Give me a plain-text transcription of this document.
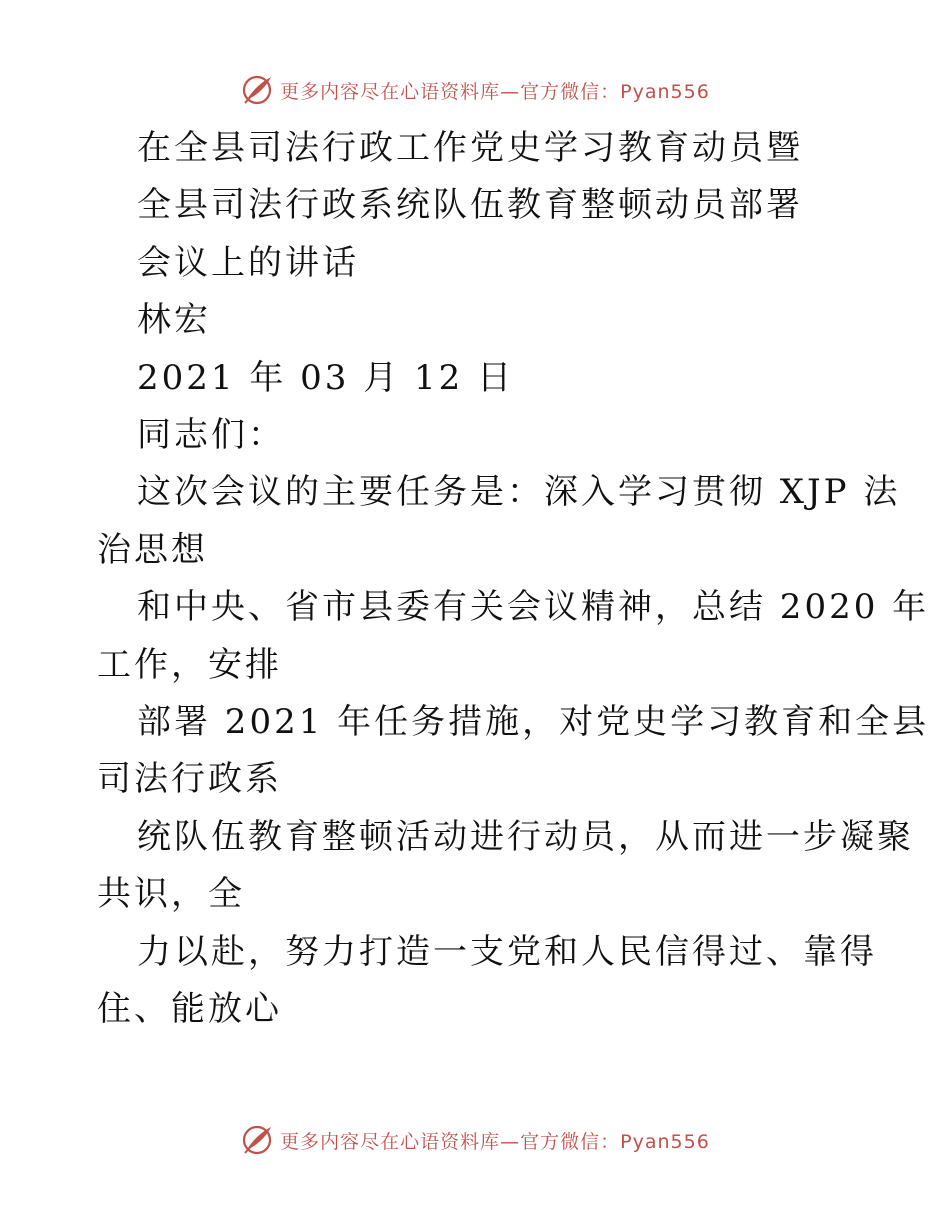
更多内容尽在心语资料库—官方微信：Pyan556
在全县司法行政工作党史学习教育动员暨
全县司法行政系统队伍教育整顿动员部署
会议上的讲话
林宏
2021 年 03 月 12 日
同志们：
这次会议的主要任务是：深入学习贯彻 XJP 法
治思想
和中央、省市县委有关会议精神，总结 2020 年
工作，安排
部署 2021 年任务措施，对党史学习教育和全县
司法行政系
统队伍教育整顿活动进行动员，从而进一步凝聚
共识，全
力以赴，努力打造一支党和人民信得过、靠得
住、能放心
更多内容尽在心语资料库—官方微信：Pyan556
